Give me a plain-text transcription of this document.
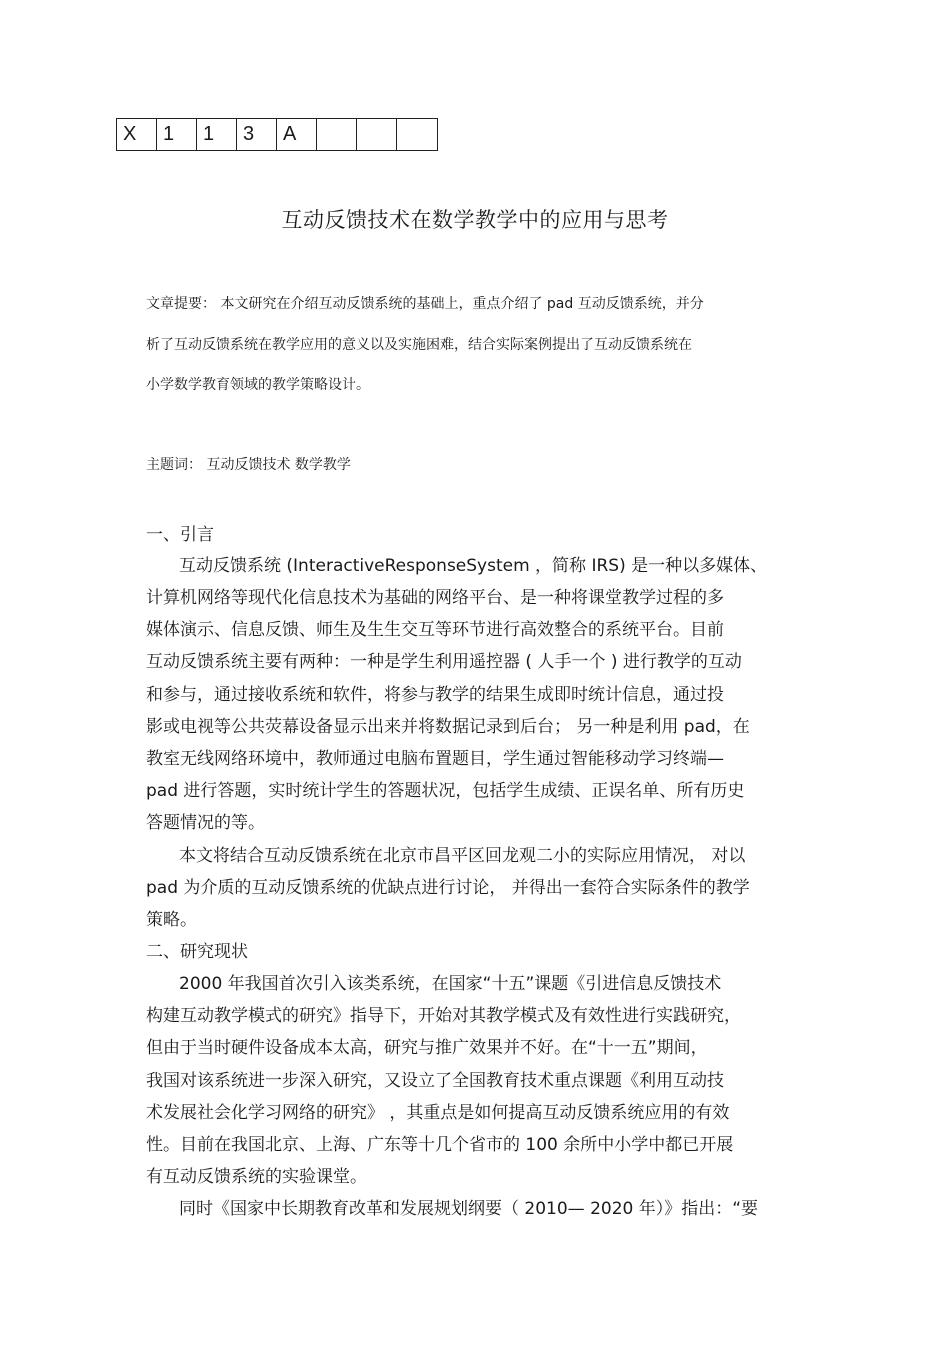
X	1	1	3	A
互动反馈技术在数学教学中的应用与思考
文章提要： 本文研究在介绍互动反馈系统的基础上，重点介绍了 pad 互动反馈系统，并分
析了互动反馈系统在教学应用的意义以及实施困难，结合实际案例提出了互动反馈系统在
小学数学教育领域的教学策略设计。
主题词： 互动反馈技术 数学教学
一、引言
互动反馈系统 (InteractiveResponseSystem ，简称 IRS) 是一种以多媒体、
计算机网络等现代化信息技术为基础的网络平台、是一种将课堂教学过程的多
媒体演示、信息反馈、师生及生生交互等环节进行高效整合的系统平台。目前
互动反馈系统主要有两种：一种是学生利用遥控器 ( 人手一个 ) 进行教学的互动
和参与，通过接收系统和软件，将参与教学的结果生成即时统计信息，通过投
影或电视等公共荧幕设备显示出来并将数据记录到后台； 另一种是利用 pad，在
教室无线网络环境中，教师通过电脑布置题目，学生通过智能移动学习终端—
pad 进行答题，实时统计学生的答题状况，包括学生成绩、正误名单、所有历史
答题情况的等。
本文将结合互动反馈系统在北京市昌平区回龙观二小的实际应用情况， 对以
pad 为介质的互动反馈系统的优缺点进行讨论， 并得出一套符合实际条件的教学
策略。
二、研究现状
2000 年我国首次引入该类系统，在国家“十五”课题《引进信息反馈技术
构建互动教学模式的研究》指导下，开始对其教学模式及有效性进行实践研究，
但由于当时硬件设备成本太高，研究与推广效果并不好。在“十一五”期间，
我国对该系统进一步深入研究，又设立了全国教育技术重点课题《利用互动技
术发展社会化学习网络的研究》 ，其重点是如何提高互动反馈系统应用的有效
性。目前在我国北京、上海、广东等十几个省市的 100 余所中小学中都已开展
有互动反馈系统的实验课堂。
同时《国家中长期教育改革和发展规划纲要（ 2010— 2020 年）》指出：“要
